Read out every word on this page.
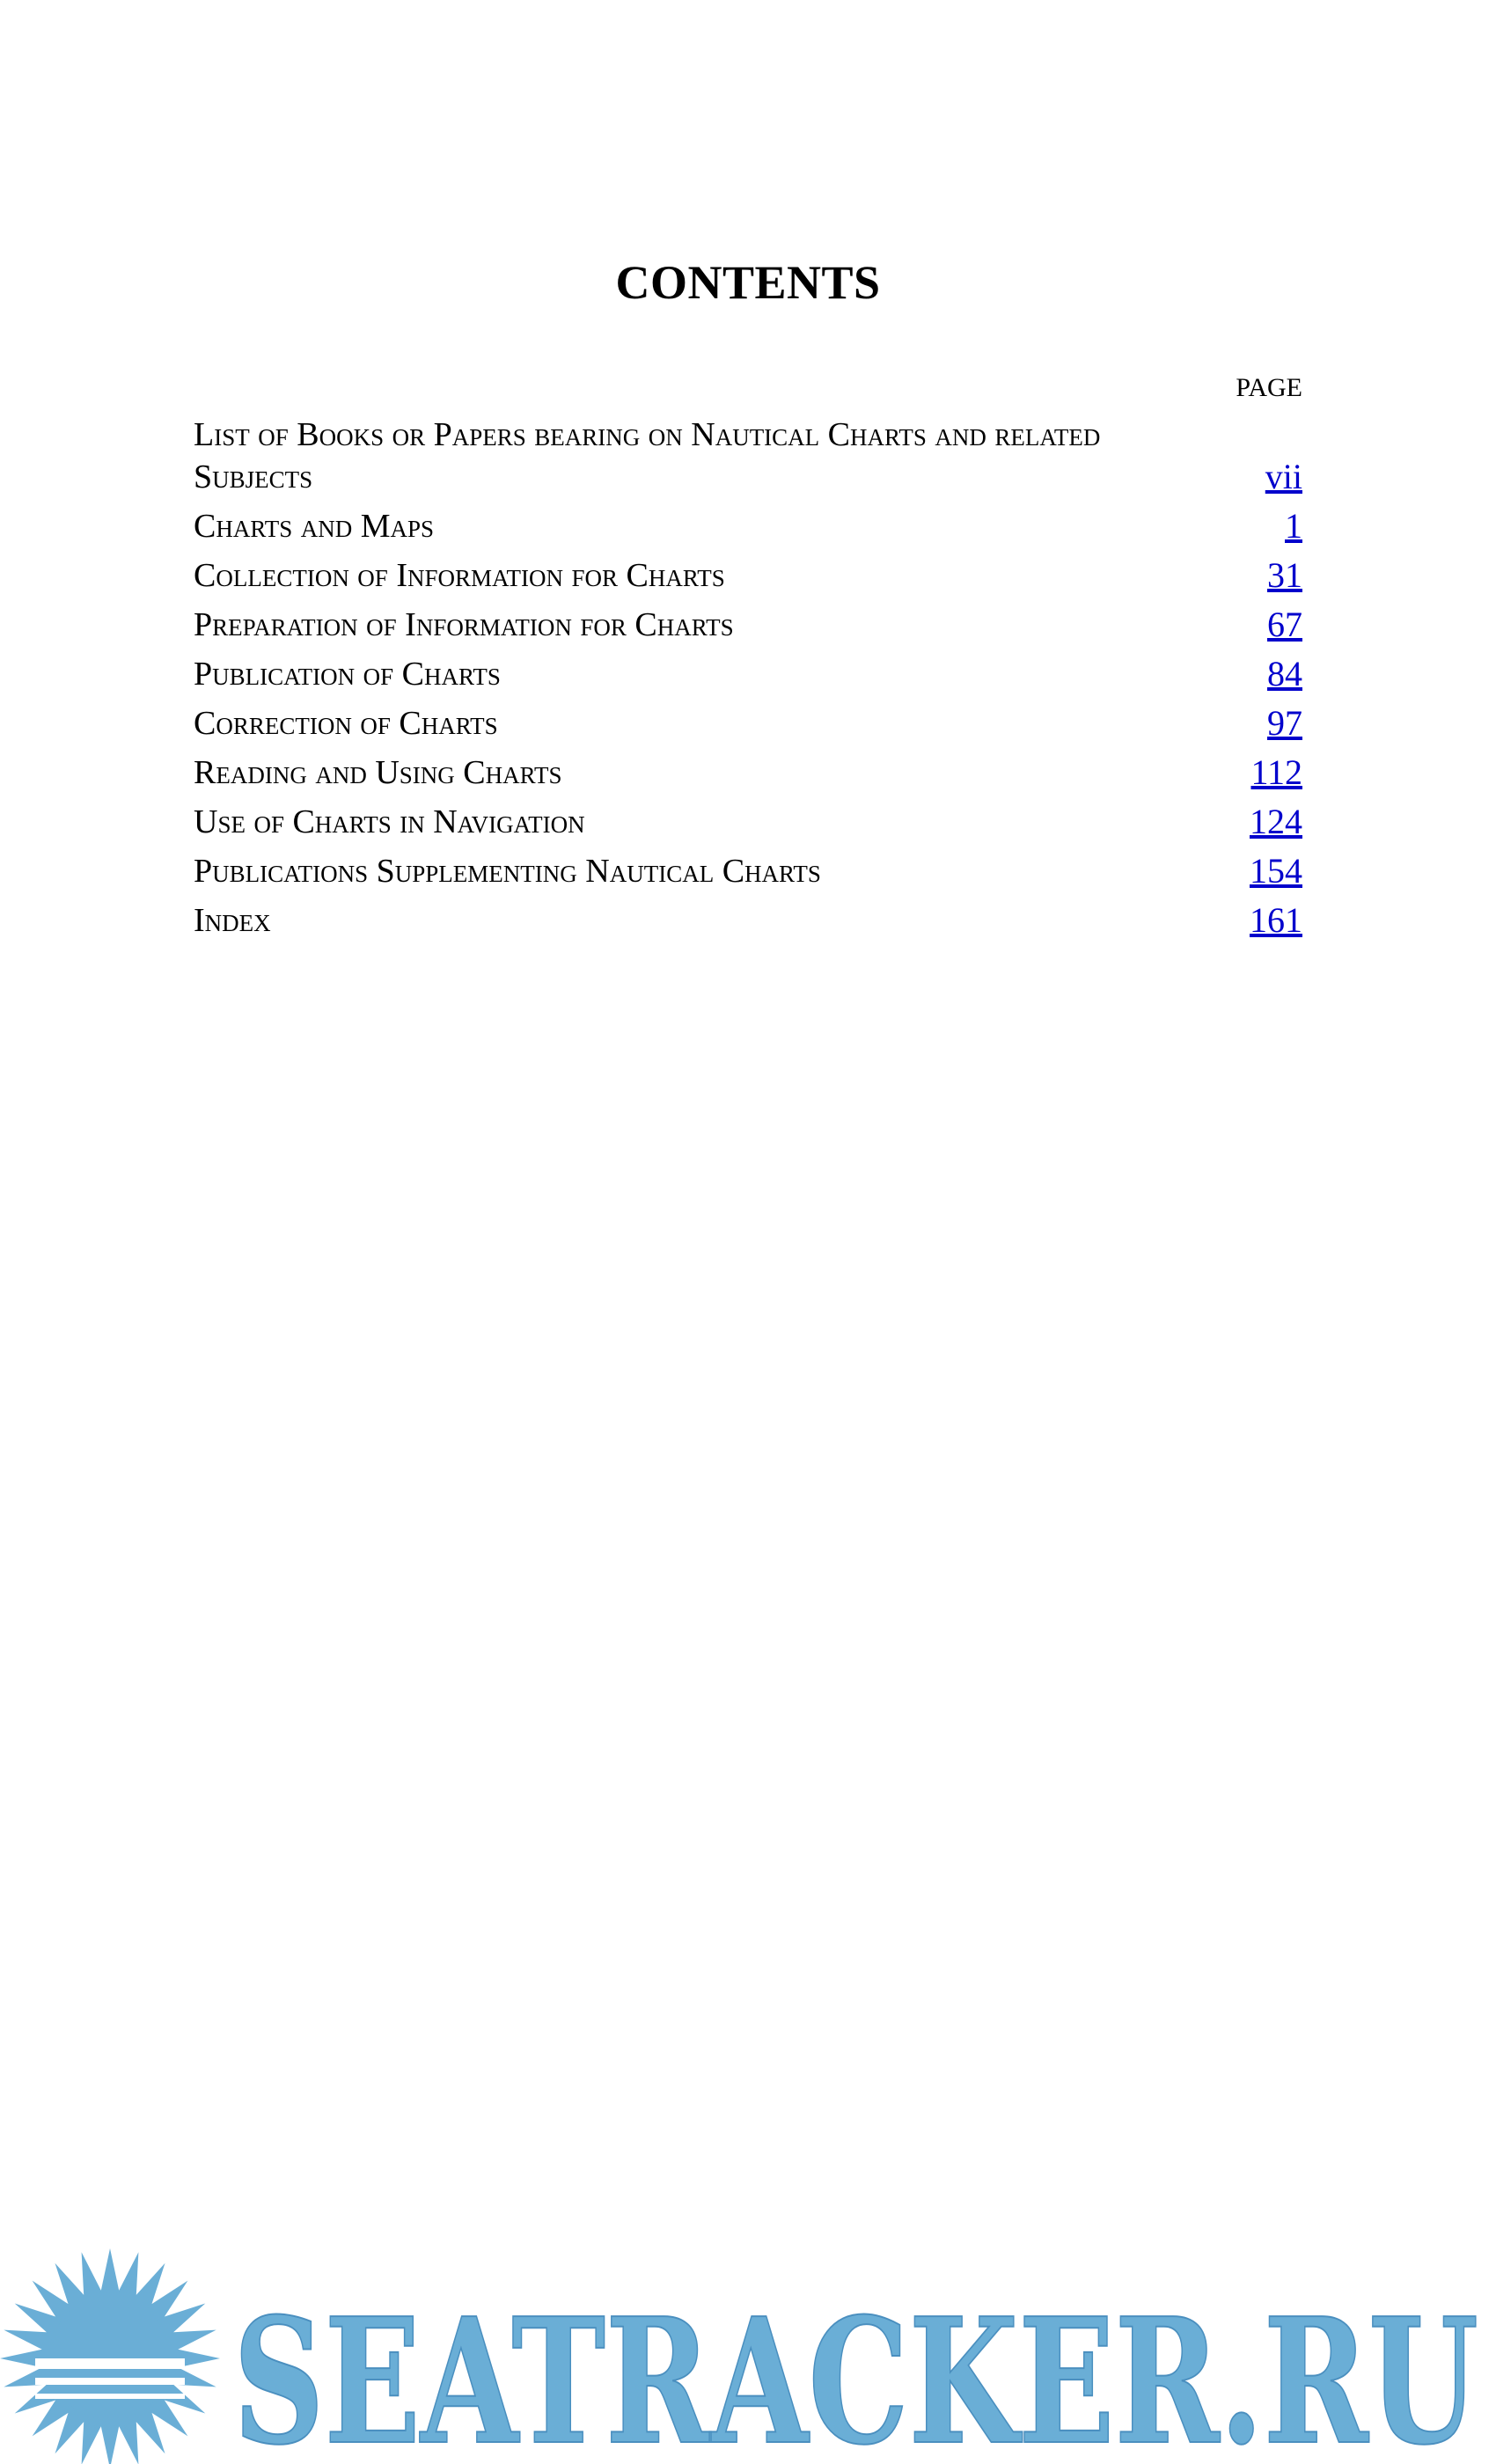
CONTENTS
PAGE
List of Books or Papers bearing on Nautical Charts and related Subjects	vii
Charts and Maps	1
Collection of Information for Charts	31
Preparation of Information for Charts	67
Publication of Charts	84
Correction of Charts	97
Reading and Using Charts	112
Use of Charts in Navigation	124
Publications Supplementing Nautical Charts	154
Index	161
SEATRACKER.RU
